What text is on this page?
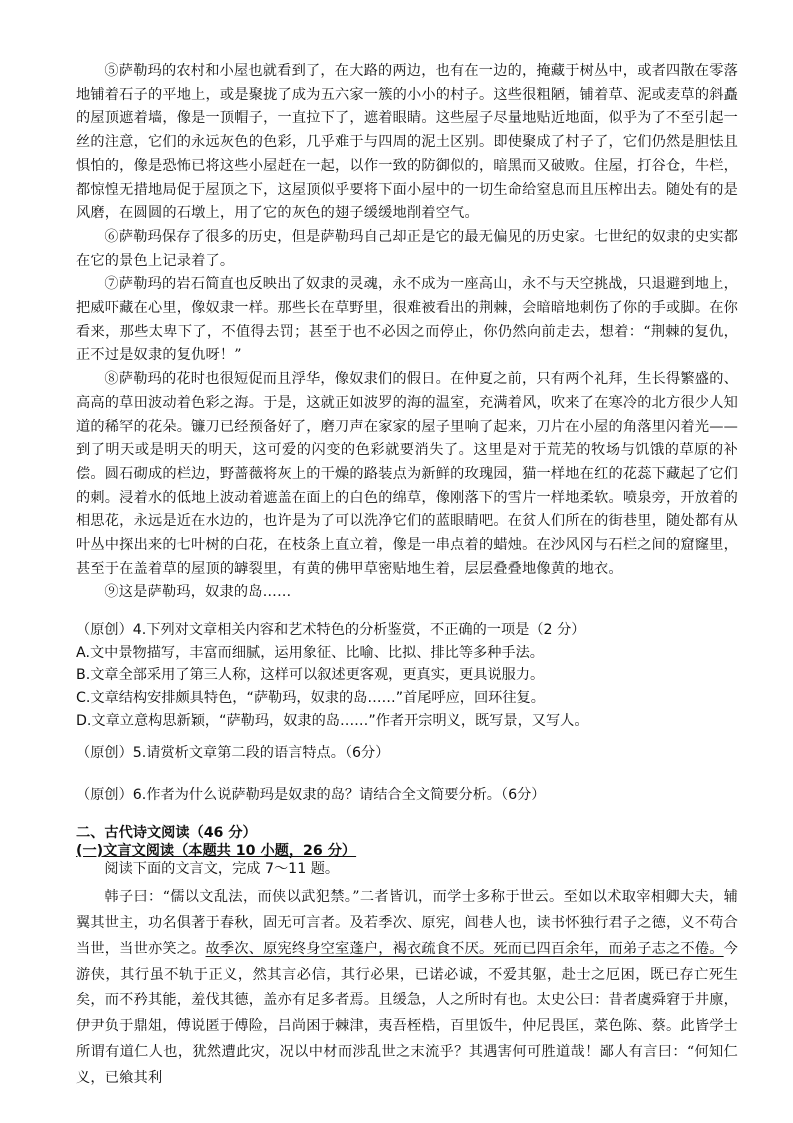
⑤萨勒玛的农村和小屋也就看到了，在大路的两边，也有在一边的，掩藏于树丛中，或者四散在零落地铺着石子的平地上，或是聚拢了成为五六家一簇的小小的村子。这些很粗陋，铺着草、泥或麦草的斜矗的屋顶遮着墙，像是一顶帽子，一直拉下了，遮着眼睛。这些屋子尽量地贴近地面，似乎为了不至引起一丝的注意，它们的永远灰色的色彩，几乎难于与四周的泥土区别。即使聚成了村子了，它们仍然是胆怯且惧怕的，像是恐怖已将这些小屋赶在一起，以作一致的防御似的，暗黑而又破败。住屋，打谷仓，牛栏，都惊惶无措地局促于屋顶之下，这屋顶似乎要将下面小屋中的一切生命给窒息而且压榨出去。随处有的是风磨，在圆圆的石墩上，用了它的灰色的翅子缓缓地削着空气。

⑥萨勒玛保存了很多的历史，但是萨勒玛自己却正是它的最无偏见的历史家。七世纪的奴隶的史实都在它的景色上记录着了。

⑦萨勒玛的岩石简直也反映出了奴隶的灵魂，永不成为一座高山，永不与天空挑战，只退避到地上，把威吓藏在心里，像奴隶一样。那些长在草野里，很难被看出的荆棘，会暗暗地刺伤了你的手或脚。在你看来，那些太卑下了，不值得去罚；甚至于也不必因之而停止，你仍然向前走去，想着：“荆棘的复仇，正不过是奴隶的复仇呀！”

⑧萨勒玛的花时也很短促而且浮华，像奴隶们的假日。在仲夏之前，只有两个礼拜，生长得繁盛的、高高的草田波动着色彩之海。于是，这就正如波罗的海的温室，充满着风，吹来了在寒冷的北方很少人知道的稀罕的花朵。镰刀已经预备好了，磨刀声在家家的屋子里响了起来，刀片在小屋的角落里闪着光——到了明天或是明天的明天，这可爱的闪变的色彩就要消失了。这里是对于荒芜的牧场与饥饿的草原的补偿。圆石砌成的栏边，野蔷薇将灰上的干燥的路装点为新鲜的玫瑰园，猫一样地在红的花蕊下藏起了它们的刺。浸着水的低地上波动着遮盖在面上的白色的绵草，像刚落下的雪片一样地柔软。喷泉旁，开放着的相思花，永远是近在水边的，也许是为了可以洗净它们的蓝眼睛吧。在贫人们所在的街巷里，随处都有从叶丛中探出来的七叶树的白花，在枝条上直立着，像是一串点着的蜡烛。在沙风冈与石栏之间的窟窿里，甚至于在盖着草的屋顶的罅裂里，有黄的佛甲草密贴地生着，层层叠叠地像黄的地衣。

⑨这是萨勒玛，奴隶的岛……

（原创）4.下列对文章相关内容和艺术特色的分析鉴赏，不正确的一项是（2 分）
A.文中景物描写，丰富而细腻，运用象征、比喻、比拟、排比等多种手法。
B.文章全部采用了第三人称，这样可以叙述更客观，更真实，更具说服力。
C.文章结构安排颇具特色，“萨勒玛，奴隶的岛……”首尾呼应，回环往复。
D.文章立意构思新颖，“萨勒玛，奴隶的岛……”作者开宗明义，既写景，又写人。
（原创）5.请赏析文章第二段的语言特点。（6分）
（原创）6.作者为什么说萨勒玛是奴隶的岛？请结合全文简要分析。（6分）
二、古代诗文阅读（46 分）
(一)文言文阅读（本题共 10 小题，26 分）
阅读下面的文言文，完成 7～11 题。

韩子曰：“儒以文乱法，而侠以武犯禁。”二者皆讥，而学士多称于世云。至如以术取宰相卿大夫，辅翼其世主，功名俱著于春秋，固无可言者。及若季次、原宪，闾巷人也，读书怀独行君子之德，义不苟合当世，当世亦笑之。故季次、原宪终身空室蓬户，褐衣疏食不厌。死而已四百余年，而弟子志之不倦。今游侠，其行虽不轨于正义，然其言必信，其行必果，已诺必诚，不爱其躯，赴士之厄困，既已存亡死生矣，而不矜其能，羞伐其德，盖亦有足多者焉。且缓急，人之所时有也。太史公曰：昔者虞舜窘于井廪，伊尹负于鼎俎，傅说匿于傅险，吕尚困于棘津，夷吾桎梏，百里饭牛，仲尼畏匡，菜色陈、蔡。此皆学士所谓有道仁人也，犹然遭此灾，况以中材而涉乱世之末流乎？其遇害何可胜道哉！鄙人有言曰：“何知仁义，已飨其利
